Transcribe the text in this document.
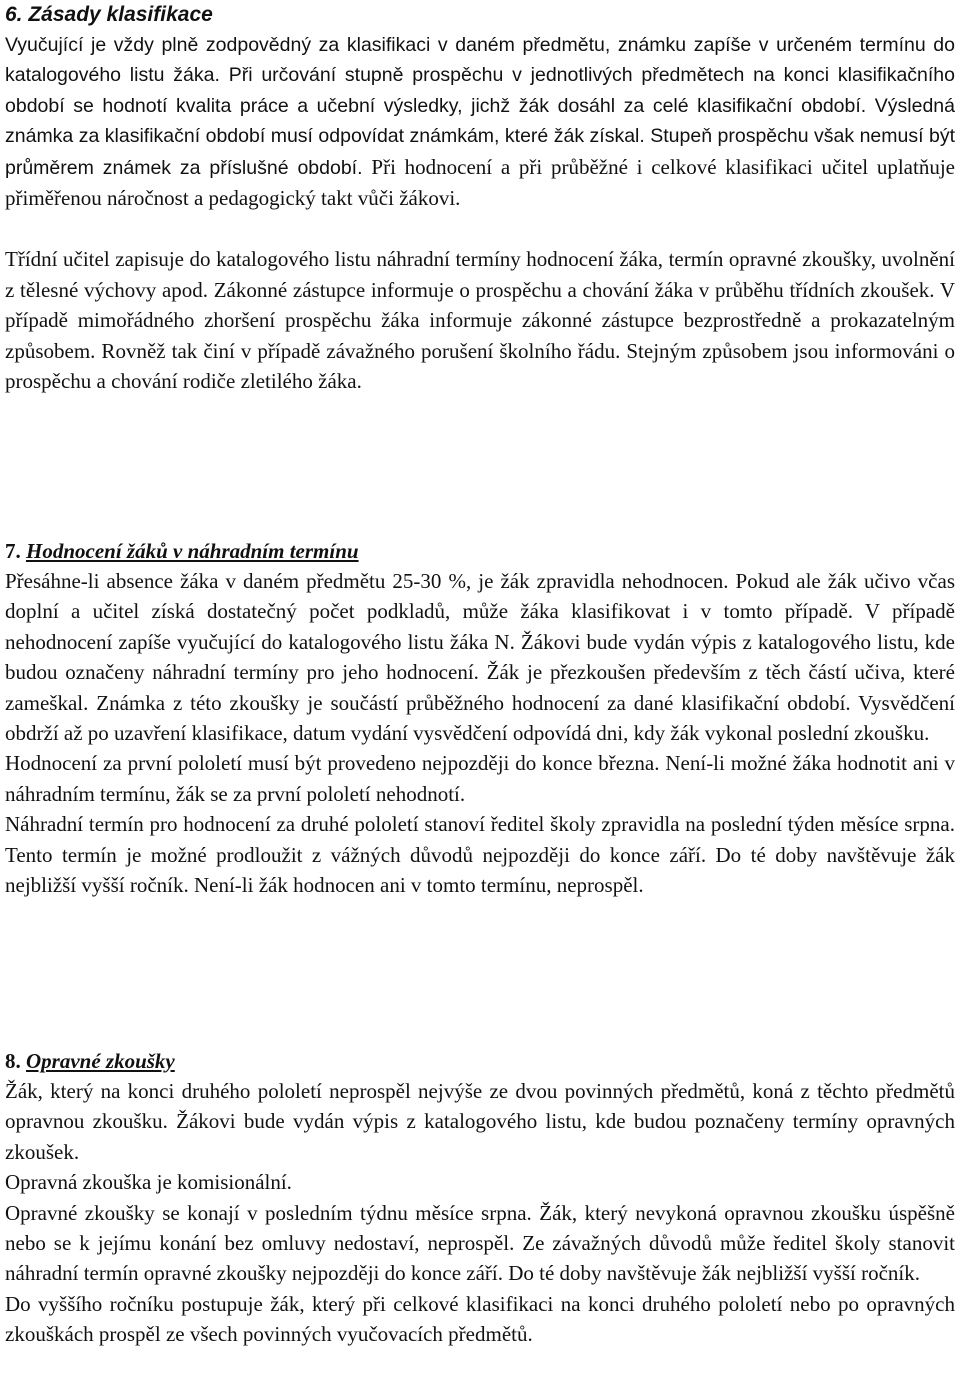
6. Zásady klasifikace

Vyučující je vždy plně zodpovědný za klasifikaci v daném předmětu, známku zapíše v určeném termínu do katalogového listu žáka. Při určování stupně prospěchu v jednotlivých předmětech na konci klasifikačního období se hodnotí kvalita práce a učební výsledky, jichž žák dosáhl za celé klasifikační období. Výsledná známka za klasifikační období musí odpovídat známkám, které žák získal. Stupeň prospěchu však nemusí být průměrem známek za příslušné období. Při hodnocení a při průběžné i celkové klasifikaci učitel uplatňuje přiměřenou náročnost a pedagogický takt vůči žákovi.

Třídní učitel zapisuje do katalogového listu náhradní termíny hodnocení žáka, termín opravné zkoušky, uvolnění z tělesné výchovy apod. Zákonné zástupce informuje o prospěchu a chování žáka v průběhu třídních zkoušek. V případě mimořádného zhoršení prospěchu žáka informuje zákonné zástupce bezprostředně a prokazatelným způsobem. Rovněž tak činí v případě závažného porušení školního řádu. Stejným způsobem jsou informováni o prospěchu a chování rodiče zletilého žáka.

7. Hodnocení žáků v náhradním termínu

Přesáhne-li absence žáka v daném předmětu 25-30 %, je žák zpravidla nehodnocen. Pokud ale žák učivo včas doplní a učitel získá dostatečný počet podkladů, může žáka klasifikovat i v tomto případě. V případě nehodnocení zapíše vyučující do katalogového listu žáka N. Žákovi bude vydán výpis z katalogového listu, kde budou označeny náhradní termíny pro jeho hodnocení. Žák je přezkoušen především z těch částí učiva, které zameškal. Známka z této zkoušky je součástí průběžného hodnocení za dané klasifikační období. Vysvědčení obdrží až po uzavření klasifikace, datum vydání vysvědčení odpovídá dni, kdy žák vykonal poslední zkoušku.

Hodnocení za první pololetí musí být provedeno nejpozději do konce března. Není-li možné žáka hodnotit ani v náhradním termínu, žák se za první pololetí nehodnotí.

Náhradní termín pro hodnocení za druhé pololetí stanoví ředitel školy zpravidla na poslední týden měsíce srpna. Tento termín je možné prodloužit z vážných důvodů nejpozději do konce září. Do té doby navštěvuje žák nejbližší vyšší ročník. Není-li žák hodnocen ani v tomto termínu, neprospěl.

8. Opravné zkoušky

Žák, který na konci druhého pololetí neprospěl nejvýše ze dvou povinných předmětů, koná z těchto předmětů opravnou zkoušku. Žákovi bude vydán výpis z katalogového listu, kde budou poznačeny termíny opravných zkoušek.

Opravná zkouška je komisionální.

Opravné zkoušky se konají v posledním týdnu měsíce srpna. Žák, který nevykoná opravnou zkoušku úspěšně nebo se k jejímu konání bez omluvy nedostaví, neprospěl. Ze závažných důvodů může ředitel školy stanovit náhradní termín opravné zkoušky nejpozději do konce září. Do té doby navštěvuje žák nejbližší vyšší ročník.

Do vyššího ročníku postupuje žák, který při celkové klasifikaci na konci druhého pololetí nebo po opravných zkouškách prospěl ze všech povinných vyučovacích předmětů.
